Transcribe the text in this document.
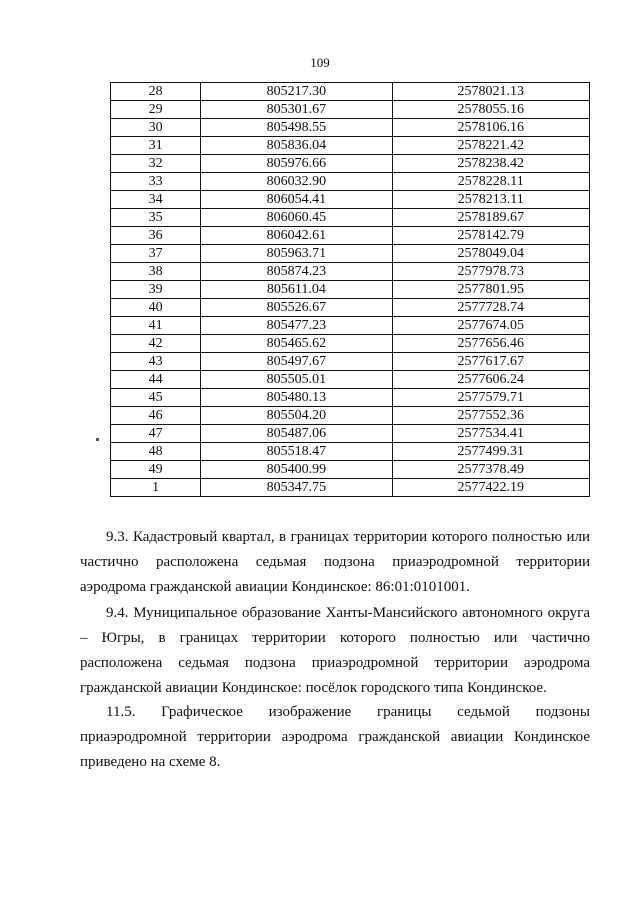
109
28	805217.30	2578021.13
29	805301.67	2578055.16
30	805498.55	2578106.16
31	805836.04	2578221.42
32	805976.66	2578238.42
33	806032.90	2578228.11
34	806054.41	2578213.11
35	806060.45	2578189.67
36	806042.61	2578142.79
37	805963.71	2578049.04
38	805874.23	2577978.73
39	805611.04	2577801.95
40	805526.67	2577728.74
41	805477.23	2577674.05
42	805465.62	2577656.46
43	805497.67	2577617.67
44	805505.01	2577606.24
45	805480.13	2577579.71
46	805504.20	2577552.36
47	805487.06	2577534.41
48	805518.47	2577499.31
49	805400.99	2577378.49
1	805347.75	2577422.19

9.3. Кадастровый квартал, в границах территории которого полностью или частично расположена седьмая подзона приаэродромной территории аэродрома гражданской авиации Кондинское: 86:01:0101001.

9.4. Муниципальное образование Ханты-Мансийского автономного округа – Югры, в границах территории которого полностью или частично расположена седьмая подзона приаэродромной территории аэродрома гражданской авиации Кондинское: посёлок городского типа Кондинское.

11.5. Графическое изображение границы седьмой подзоны приаэродромной территории аэродрома гражданской авиации Кондинское приведено на схеме 8.
